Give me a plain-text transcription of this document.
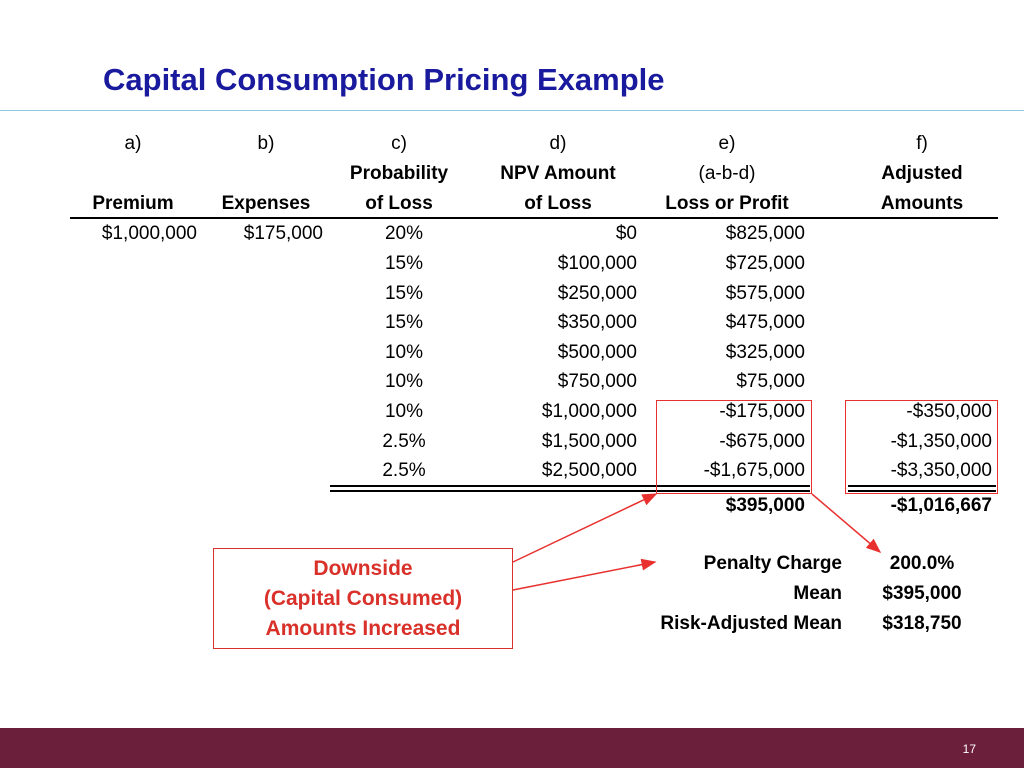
Capital Consumption Pricing Example
a)	b)	c)	d)	e)	f)
Probability	NPV Amount	(a-b-d)	Adjusted
Premium	Expenses	of Loss	of Loss	Loss or Profit	Amounts
$1,000,000 $175,000	20%	$0	$825,000
15%	$100,000	$725,000
15%	$250,000	$575,000
15%	$350,000	$475,000
10%	$500,000	$325,000
10%	$750,000	$75,000
10%	$1,000,000	-$175,000	-$350,000
2.5%	$1,500,000	-$675,000	-$1,350,000
2.5%	$2,500,000	-$1,675,000	-$3,350,000
$395,000	-$1,016,667
Penalty Charge	200.0%
Mean $395,000
Risk-Adjusted Mean $318,750
Downside
(Capital Consumed)
Amounts Increased
17
